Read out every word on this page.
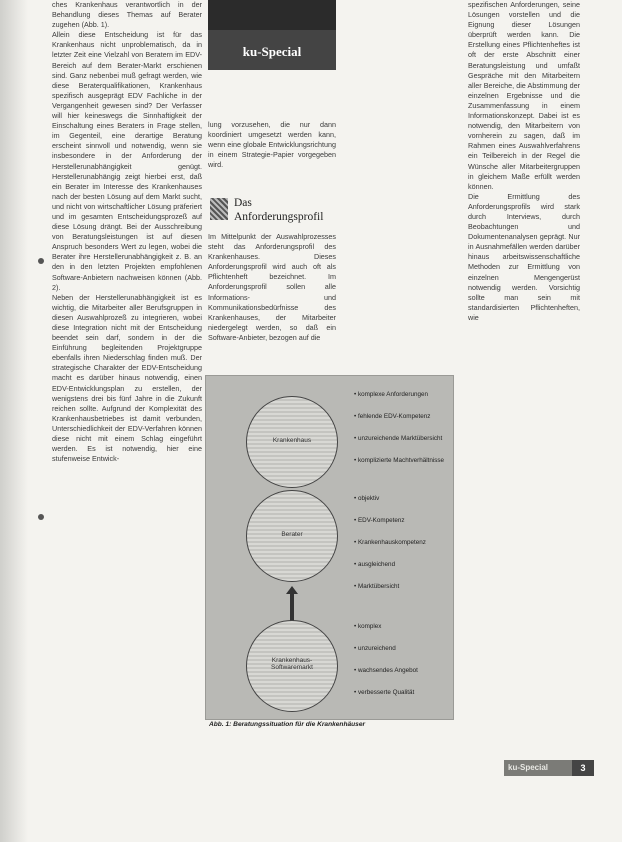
ches Krankenhaus verantwortlich in der Behandlung dieses Themas auf Berater zugehen (Abb. 1).
Allein diese Entscheidung ist für das Krankenhaus nicht unproblematisch, da in letzter Zeit eine Vielzahl von Beratern im EDV-Bereich auf dem Berater-Markt erschienen sind. Ganz nebenbei muß gefragt werden, wie diese Beraterqualifikationen, Krankenhaus spezifisch ausgeprägt EDV Fachliche in der Vergangenheit gewesen sind? Der Verfasser will hier keineswegs die Sinnhaftigkeit der Einschaltung eines Beraters in Frage stellen, im Gegenteil, eine derartige Beratung erscheint sinnvoll und notwendig, wenn sie insbesondere in der Anforderung der Herstellerunabhängigkeit genügt. Herstellerunabhängig zeigt hierbei erst, daß ein Berater im Interesse des Krankenhauses nach der besten Lösung auf dem Markt sucht, und nicht von wirtschaftlicher Lösung präferiert und im gesamten Entscheidungsprozeß auf diese Lösung drängt. Bei der Ausschreibung von Beratungsleistungen ist auf diesen Anspruch besonders Wert zu legen, wobei die Berater ihre Herstellerunabhängigkeit z. B. an den in den letzten Projekten empfohlenen Software-Anbietern nachweisen können (Abb. 2).
Neben der Herstellerunabhängigkeit ist es wichtig, die Mitarbeiter aller Berufsgruppen in diesen Auswahlprozeß zu integrieren, wobei diese Integration nicht mit der Entscheidung beendet sein darf, sondern in der die Einführung begleitenden Projektgruppe ebenfalls ihren Niederschlag finden muß. Der strategische Charakter der EDV-Entscheidung macht es darüber hinaus notwendig, einen EDV-Entwicklungsplan zu erstellen, der wenigstens drei bis fünf Jahre in die Zukunft reichen sollte. Aufgrund der Komplexität des Krankenhausbetriebes ist damit verbunden, Unterschiedlichkeit der EDV-Verfahren können diese nicht mit einem Schlag eingeführt werden. Es ist notwendig, hier eine stufenweise Entwick-

ku-Special

lung vorzusehen, die nur dann koordiniert umgesetzt werden kann, wenn eine globale Entwicklungsrichtung in einem Strategie-Papier vorgegeben wird.

Das
Anforderungsprofil

Im Mittelpunkt der Auswahlprozesses steht das Anforderungsprofil des Krankenhauses. Dieses Anforderungsprofil wird auch oft als Pflichtenheft bezeichnet. Im Anforderungsprofil sollen alle Informations- und Kommunikationsbedürfnisse des Krankenhauses, der Mitarbeiter niedergelegt werden, so daß ein Software-Anbieter, bezogen auf die

spezifischen Anforderungen, seine Lösungen vorstellen und die Eignung dieser Lösungen überprüft werden kann. Die Erstellung eines Pflichtenheftes ist oft der erste Abschnitt einer Beratungsleistung und umfaßt Gespräche mit den Mitarbeitern aller Bereiche, die Abstimmung der einzelnen Ergebnisse und die Zusammenfassung in einem Informationskonzept. Dabei ist es notwendig, den Mitarbeitern von vornherein zu sagen, daß im Rahmen eines Auswahlverfahrens ein Teilbereich in der Regel die Wünsche aller Mitarbeitergruppen in gleichem Maße erfüllt werden können.
Die Ermittlung des Anforderungsprofils wird stark durch Interviews, durch Beobachtungen und Dokumentenanalysen geprägt. Nur in Ausnahmefällen werden darüber hinaus arbeitswissenschaftliche Methoden zur Ermittlung von einzelnen Mengengerüst notwendig werden. Vorsichtig sollte man sein mit standardisierten Pflichtenheften, wie

Krankenhaus
• komplexe Anforderungen
• fehlende EDV-Kompetenz
• unzureichende Marktübersicht
• komplizierte Machtverhältnisse
Berater
• objektiv
• EDV-Kompetenz
• Krankenhauskompetenz
• ausgleichend
• Marktübersicht
Krankenhaus-
Softwaremarkt
• komplex
• unzureichend
• wachsendes Angebot
• verbesserte Qualität
Abb. 1: Beratungssituation für die Krankenhäuser
ku-Special	3
